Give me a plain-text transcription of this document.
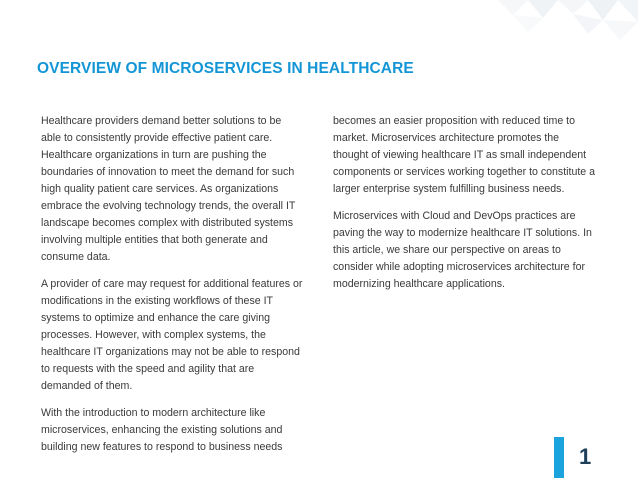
OVERVIEW OF MICROSERVICES IN HEALTHCARE

Healthcare providers demand better solutions to be able to consistently provide effective patient care. Healthcare organizations in turn are pushing the boundaries of innovation to meet the demand for such high quality patient care services. As organizations embrace the evolving technology trends, the overall IT landscape becomes complex with distributed systems involving multiple entities that both generate and consume data.

A provider of care may request for additional features or modifications in the existing workflows of these IT systems to optimize and enhance the care giving processes. However, with complex systems, the healthcare IT organizations may not be able to respond to requests with the speed and agility that are demanded of them.

With the introduction to modern architecture like microservices, enhancing the existing solutions and building new features to respond to business needs

becomes an easier proposition with reduced time to market. Microservices architecture promotes the thought of viewing healthcare IT as small independent components or services working together to constitute a larger enterprise system fulfilling business needs.

Microservices with Cloud and DevOps practices are paving the way to modernize healthcare IT solutions. In this article, we share our perspective on areas to consider while adopting microservices architecture for modernizing healthcare applications.

1
